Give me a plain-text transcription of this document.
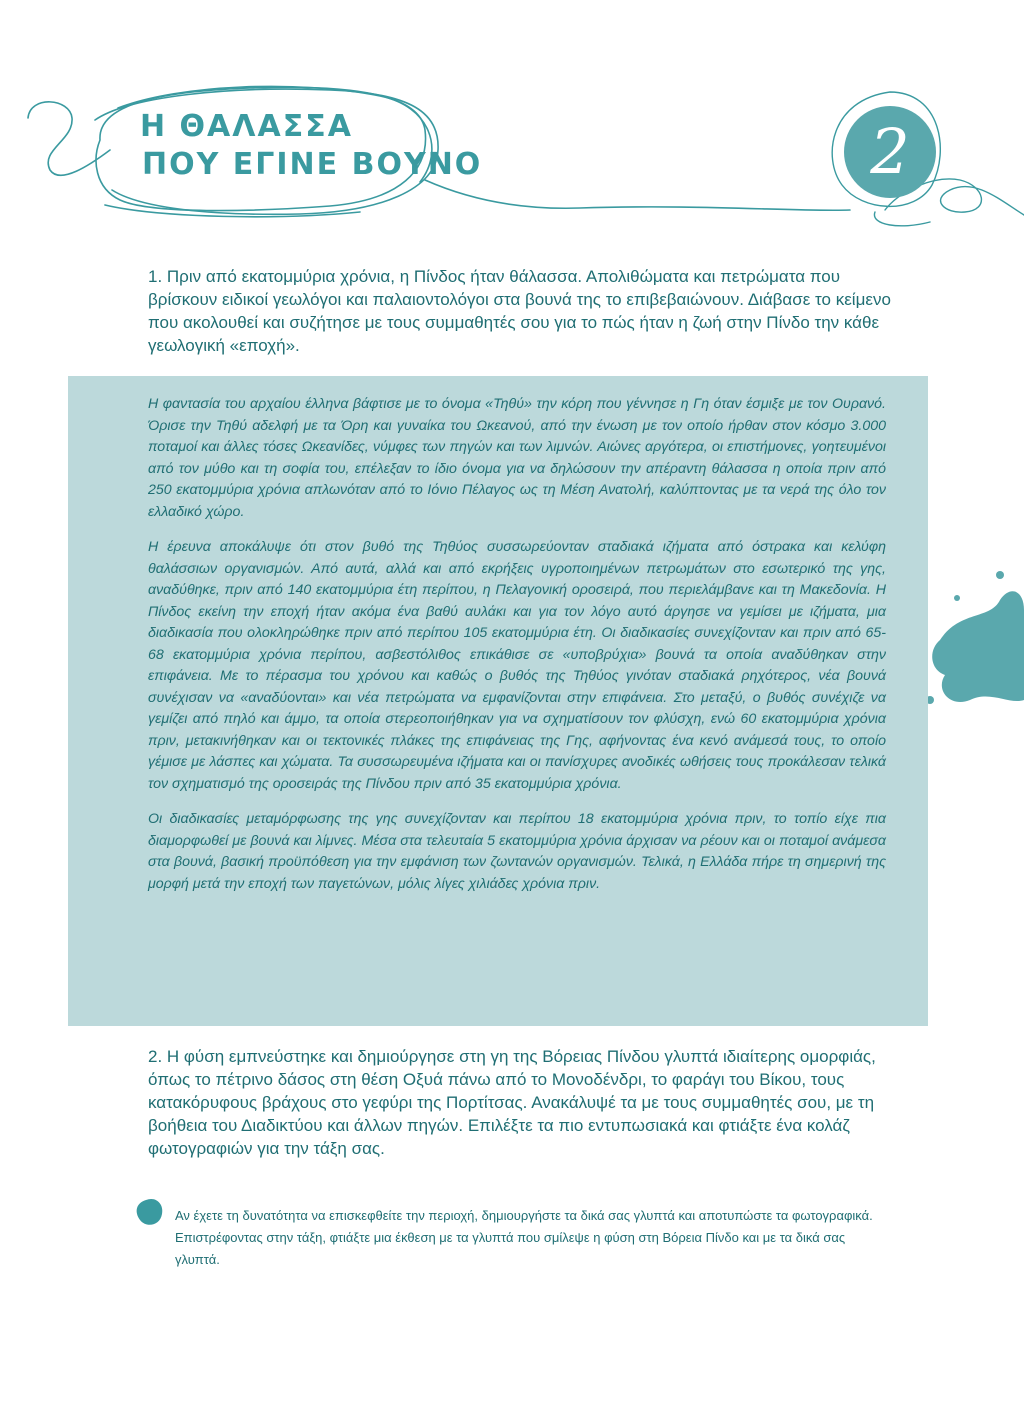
Η ΘΑΛΑΣΣΑ
ΠΟΥ ΕΓΙΝΕ ΒΟΥΝΟ	2

1. Πριν από εκατομμύρια χρόνια, η Πίνδος ήταν θάλασσα. Απολιθώματα και πετρώματα που βρίσκουν ειδικοί γεωλόγοι και παλαιοντολόγοι στα βουνά της το επιβεβαιώνουν. Διάβασε το κείμενο που ακολουθεί και συζήτησε με τους συμμαθητές σου για το πώς ήταν η ζωή στην Πίνδο την κάθε γεωλογική «εποχή».

Η φαντασία του αρχαίου έλληνα βάφτισε με το όνομα «Τηθύ» την κόρη που γέννησε η Γη όταν έσμιξε με τον Ουρανό. Όρισε την Τηθύ αδελφή με τα Όρη και γυναίκα του Ωκεανού, από την ένωση με τον οποίο ήρθαν στον κόσμο 3.000 ποταμοί και άλλες τόσες Ωκεανίδες, νύμφες των πηγών και των λιμνών. Αιώνες αργότερα, οι επιστήμονες, γοητευμένοι από τον μύθο και τη σοφία του, επέλεξαν το ίδιο όνομα για να δηλώσουν την απέραντη θάλασσα η οποία πριν από 250 εκατομμύρια χρόνια απλωνόταν από το Ιόνιο Πέλαγος ως τη Μέση Ανατολή, καλύπτοντας με τα νερά της όλο τον ελλαδικό χώρο.

Η έρευνα αποκάλυψε ότι στον βυθό της Τηθύος συσσωρεύονταν σταδιακά ιζήματα από όστρακα και κελύφη θαλάσσιων οργανισμών. Από αυτά, αλλά και από εκρήξεις υγροποιημένων πετρωμάτων στο εσωτερικό της γης, αναδύθηκε, πριν από 140 εκατομμύρια έτη περίπου, η Πελαγονική οροσειρά, που περιελάμβανε και τη Μακεδονία. Η Πίνδος εκείνη την εποχή ήταν ακόμα ένα βαθύ αυλάκι και για τον λόγο αυτό άργησε να γεμίσει με ιζήματα, μια διαδικασία που ολοκληρώθηκε πριν από περίπου 105 εκατομμύρια έτη. Οι διαδικασίες συνεχίζονταν και πριν από 65-68 εκατομμύρια χρόνια περίπου, ασβεστόλιθος επικάθισε σε «υποβρύχια» βουνά τα οποία αναδύθηκαν στην επιφάνεια. Με το πέρασμα του χρόνου και καθώς ο βυθός της Τηθύος γινόταν σταδιακά ρηχότερος, νέα βουνά συνέχισαν να «αναδύονται» και νέα πετρώματα να εμφανίζονται στην επιφάνεια. Στο μεταξύ, ο βυθός συνέχιζε να γεμίζει από πηλό και άμμο, τα οποία στερεοποιήθηκαν για να σχηματίσουν τον φλύσχη, ενώ 60 εκατομμύρια χρόνια πριν, μετακινήθηκαν και οι τεκτονικές πλάκες της επιφάνειας της Γης, αφήνοντας ένα κενό ανάμεσά τους, το οποίο γέμισε με λάσπες και χώματα. Τα συσσωρευμένα ιζήματα και οι πανίσχυρες ανοδικές ωθήσεις τους προκάλεσαν τελικά τον σχηματισμό της οροσειράς της Πίνδου πριν από 35 εκατομμύρια χρόνια.

Οι διαδικασίες μεταμόρφωσης της γης συνεχίζονταν και περίπου 18 εκατομμύρια χρόνια πριν, το τοπίο είχε πια διαμορφωθεί με βουνά και λίμνες. Μέσα στα τελευταία 5 εκατομμύρια χρόνια άρχισαν να ρέουν και οι ποταμοί ανάμεσα στα βουνά, βασική προϋπόθεση για την εμφάνιση των ζωντανών οργανισμών. Τελικά, η Ελλάδα πήρε τη σημερινή της μορφή μετά την εποχή των παγετώνων, μόλις λίγες χιλιάδες χρόνια πριν.

2. Η φύση εμπνεύστηκε και δημιούργησε στη γη της Βόρειας Πίνδου γλυπτά ιδιαίτερης ομορφιάς, όπως το πέτρινο δάσος στη θέση Οξυά πάνω από το Μονοδένδρι, το φαράγι του Βίκου, τους κατακόρυφους βράχους στο γεφύρι της Πορτίτσας. Ανακάλυψέ τα με τους συμμαθητές σου, με τη βοήθεια του Διαδικτύου και άλλων πηγών. Επιλέξτε τα πιο εντυπωσιακά και φτιάξτε ένα κολάζ φωτογραφιών για την τάξη σας.

Αν έχετε τη δυνατότητα να επισκεφθείτε την περιοχή, δημιουργήστε τα δικά σας γλυπτά και αποτυπώστε τα φωτογραφικά. Επιστρέφοντας στην τάξη, φτιάξτε μια έκθεση με τα γλυπτά που σμίλεψε η φύση στη Βόρεια Πίνδο και με τα δικά σας γλυπτά.
